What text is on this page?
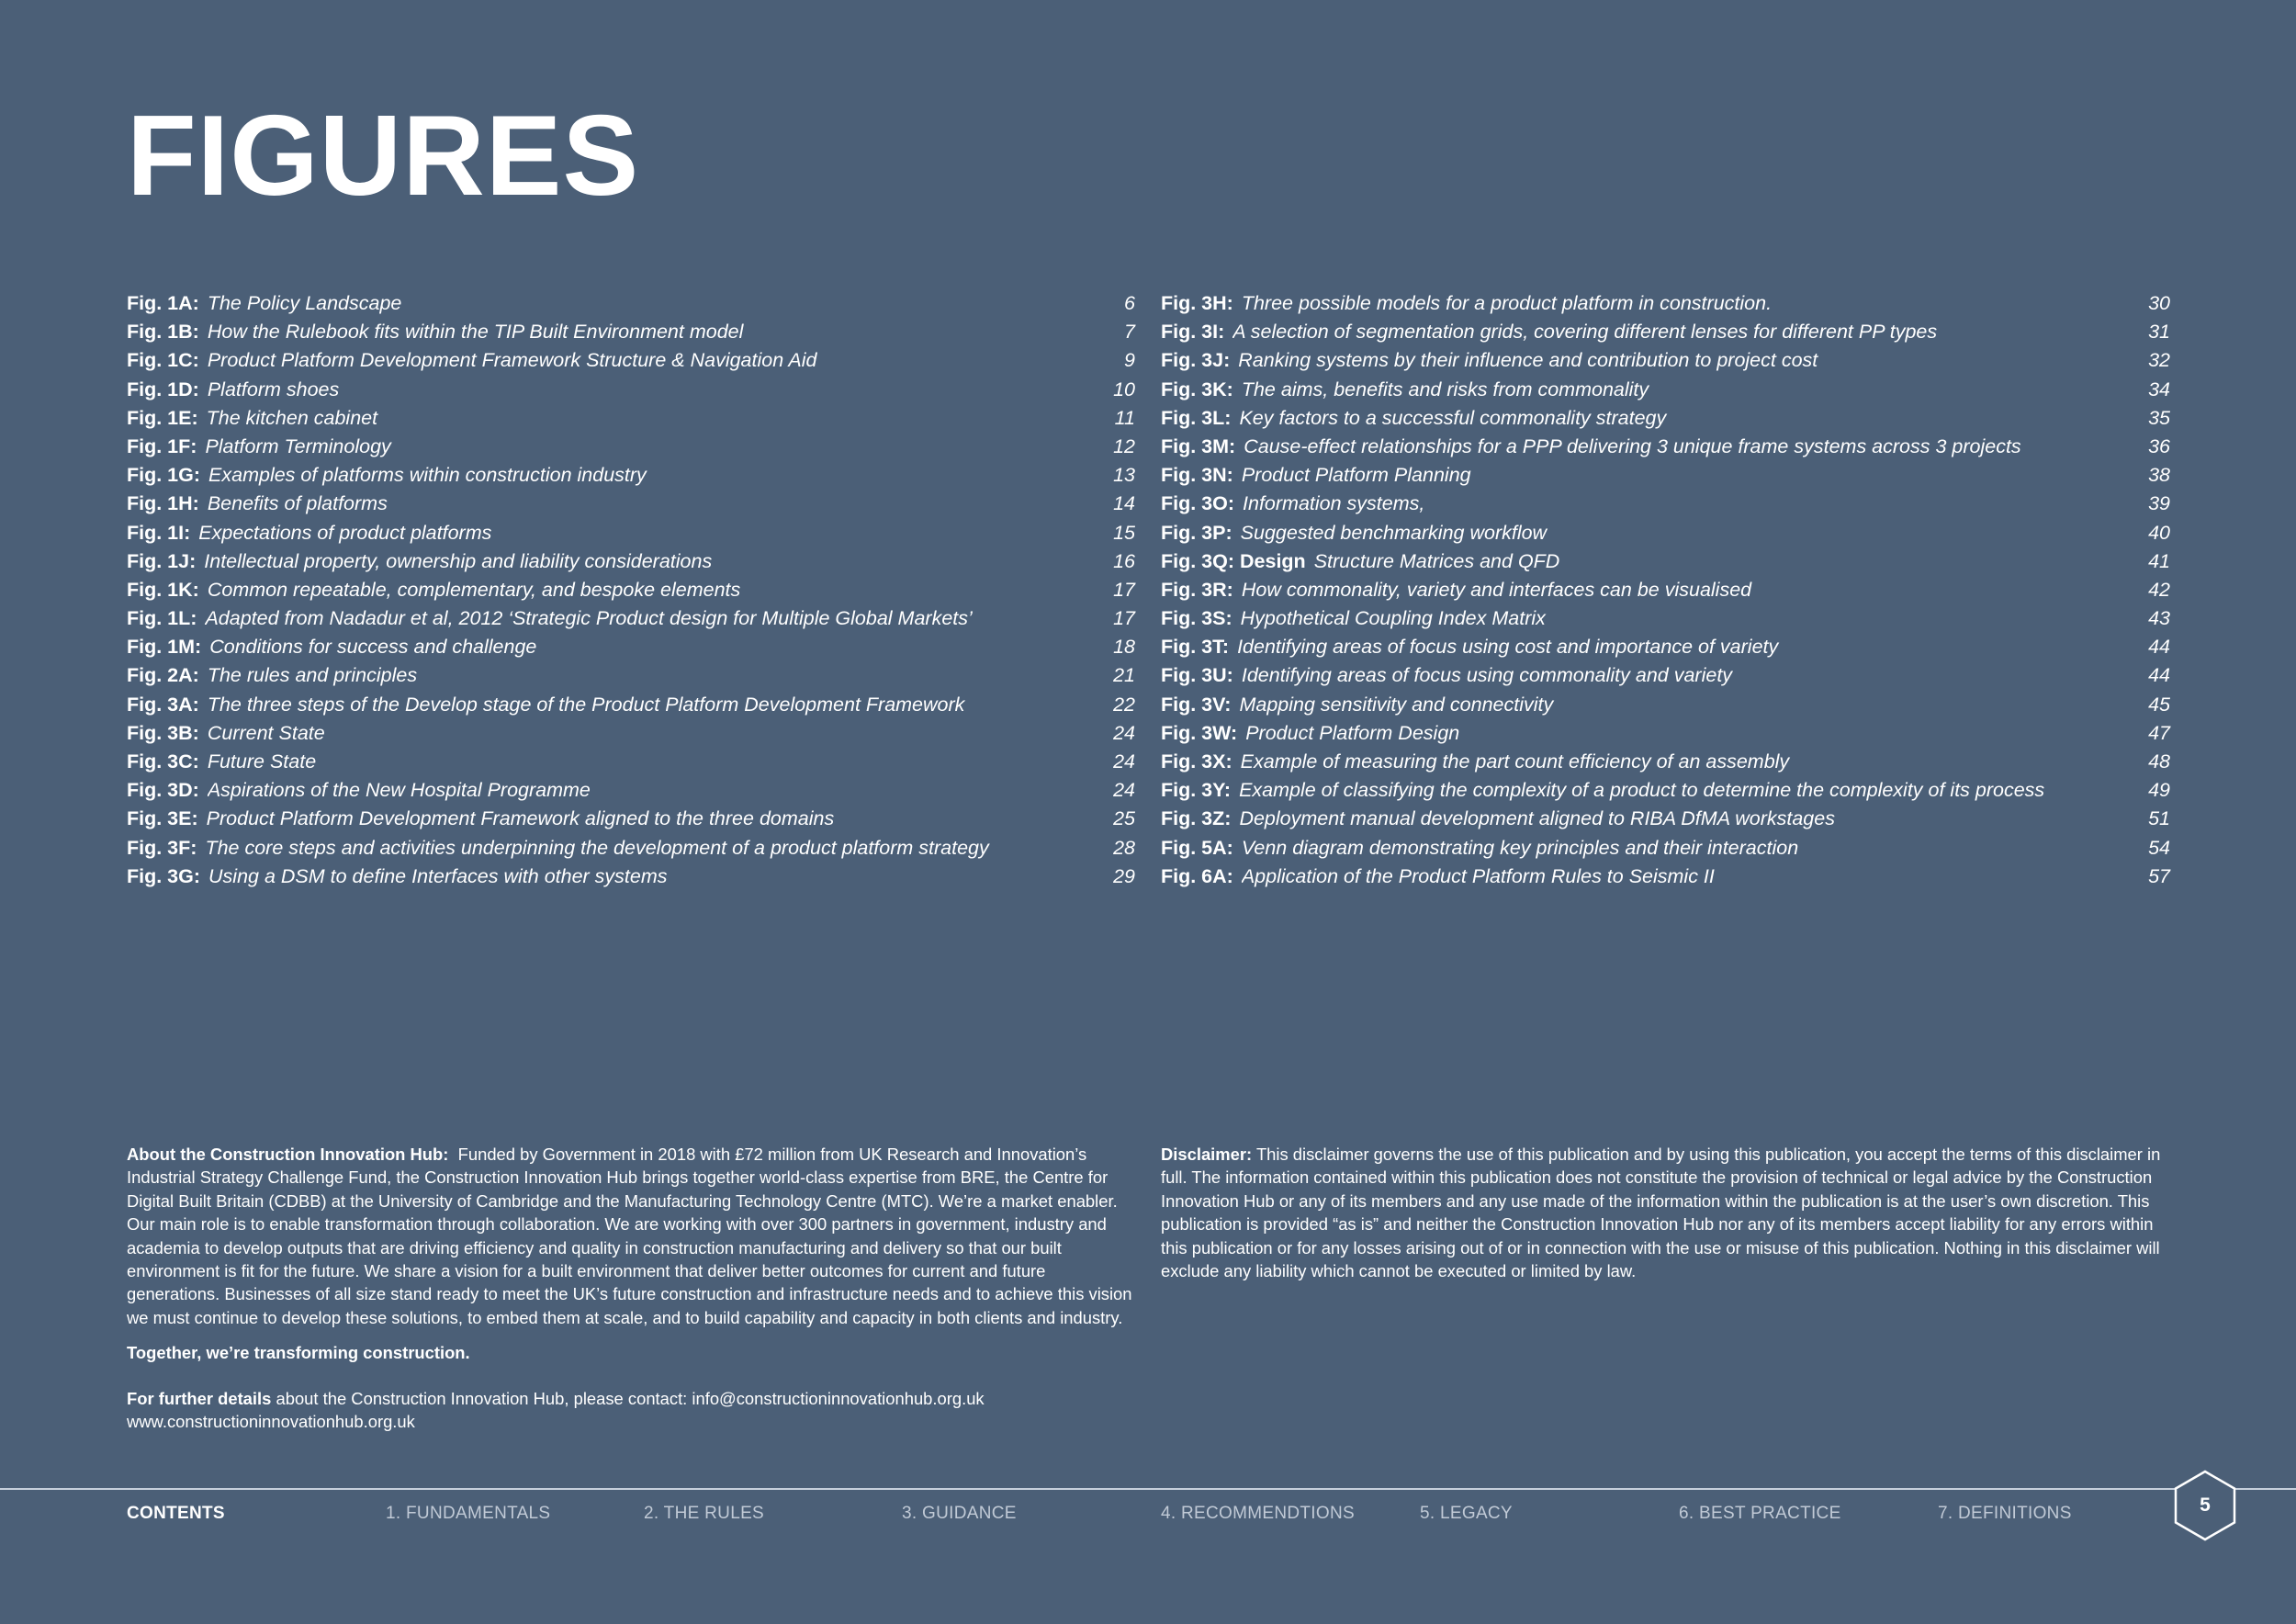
FIGURES
Fig. 1A: The Policy Landscape	6
Fig. 1B: How the Rulebook fits within the TIP Built Environment model	7
Fig. 1C: Product Platform Development Framework Structure & Navigation Aid	9
Fig. 1D: Platform shoes	10
Fig. 1E: The kitchen cabinet	11
Fig. 1F: Platform Terminology	12
Fig. 1G: Examples of platforms within construction industry	13
Fig. 1H: Benefits of platforms	14
Fig. 1I: Expectations of product platforms	15
Fig. 1J: Intellectual property, ownership and liability considerations	16
Fig. 1K: Common repeatable, complementary, and bespoke elements	17
Fig. 1L: Adapted from Nadadur et al, 2012 ‘Strategic Product design for Multiple Global Markets’	17
Fig. 1M: Conditions for success and challenge	18
Fig. 2A: The rules and principles	21
Fig. 3A: The three steps of the Develop stage of the Product Platform Development Framework	22
Fig. 3B: Current State	24
Fig. 3C: Future State	24
Fig. 3D: Aspirations of the New Hospital Programme	24
Fig. 3E: Product Platform Development Framework aligned to the three domains	25
Fig. 3F: The core steps and activities underpinning the development of a product platform strategy	28
Fig. 3G: Using a DSM to define Interfaces with other systems	29
Fig. 3H: Three possible models for a product platform in construction.	30
Fig. 3I: A selection of segmentation grids, covering different lenses for different PP types	31
Fig. 3J: Ranking systems by their influence and contribution to project cost	32
Fig. 3K: The aims, benefits and risks from commonality	34
Fig. 3L: Key factors to a successful commonality strategy	35
Fig. 3M: Cause-effect relationships for a PPP delivering 3 unique frame systems across 3 projects	36
Fig. 3N: Product Platform Planning	38
Fig. 3O: Information systems,	39
Fig. 3P: Suggested benchmarking workflow	40
Fig. 3Q: Design Structure Matrices and QFD	41
Fig. 3R: How commonality, variety and interfaces can be visualised	42
Fig. 3S: Hypothetical Coupling Index Matrix	43
Fig. 3T: Identifying areas of focus using cost and importance of variety	44
Fig. 3U: Identifying areas of focus using commonality and variety	44
Fig. 3V: Mapping sensitivity and connectivity	45
Fig. 3W: Product Platform Design	47
Fig. 3X: Example of measuring the part count efficiency of an assembly	48
Fig. 3Y: Example of classifying the complexity of a product to determine the complexity of its process	49
Fig. 3Z: Deployment manual development aligned to RIBA DfMA workstages	51
Fig. 5A: Venn diagram demonstrating key principles and their interaction	54
Fig. 6A: Application of the Product Platform Rules to Seismic II	57

About the Construction Innovation Hub: Funded by Government in 2018 with £72 million from UK Research and Innovation’s Industrial Strategy Challenge Fund, the Construction Innovation Hub brings together world-class expertise from BRE, the Centre for Digital Built Britain (CDBB) at the University of Cambridge and the Manufacturing Technology Centre (MTC). We’re a market enabler. Our main role is to enable transformation through collaboration. We are working with over 300 partners in government, industry and academia to develop outputs that are driving efficiency and quality in construction manufacturing and delivery so that our built environment is fit for the future. We share a vision for a built environment that deliver better outcomes for current and future generations. Businesses of all size stand ready to meet the UK’s future construction and infrastructure needs and to achieve this vision we must continue to develop these solutions, to embed them at scale, and to build capability and capacity in both clients and industry.

Together, we’re transforming construction.

For further details about the Construction Innovation Hub, please contact: info@constructioninnovationhub.org.uk

www.constructioninnovationhub.org.uk

Disclaimer: This disclaimer governs the use of this publication and by using this publication, you accept the terms of this disclaimer in full. The information contained within this publication does not constitute the provision of technical or legal advice by the Construction Innovation Hub or any of its members and any use made of the information within the publication is at the user’s own discretion. This publication is provided “as is” and neither the Construction Innovation Hub nor any of its members accept liability for any errors within this publication or for any losses arising out of or in connection with the use or misuse of this publication. Nothing in this disclaimer will exclude any liability which cannot be executed or limited by law.

CONTENTS	1. FUNDAMENTALS	2. THE RULES	3. GUIDANCE	4. RECOMMENDTIONS	5. LEGACY	6. BEST PRACTICE	7. DEFINITIONS	5
